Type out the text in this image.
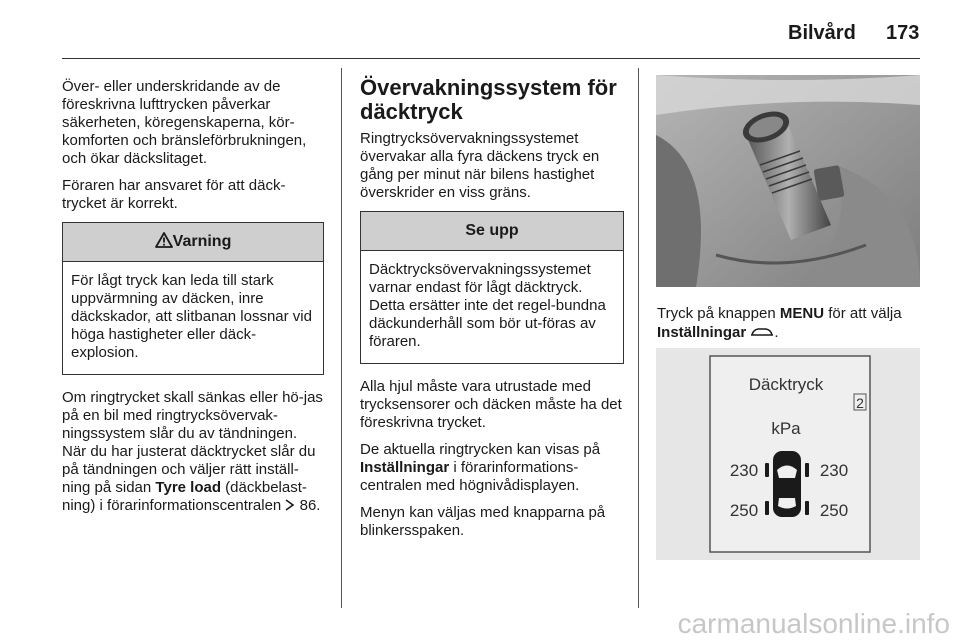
Bilvård 173

Över- eller underskridande av de föreskrivna lufttrycken påverkar säkerheten, köregenskaperna, kör-komforten och bränsleförbrukningen, och ökar däckslitaget.

Föraren har ansvaret för att däck-trycket är korrekt.

Varning
För lågt tryck kan leda till stark uppvärmning av däcken, inre däckskador, att slitbanan lossnar vid höga hastigheter eller däck-explosion.

Om ringtrycket skall sänkas eller hö-jas på en bil med ringtrycksövervak-ningssystem slår du av tändningen. När du har justerat däcktrycket slår du på tändningen och väljer rätt inställ-ning på sidan Tyre load (däckbelast-ning) i förarinformationscentralen 86.

Övervakningssystem för däcktryck

Ringtrycksövervakningssystemet övervakar alla fyra däckens tryck en gång per minut när bilens hastighet överskrider en viss gräns.

Se upp
Däcktrycksövervakningssystemet varnar endast för lågt däcktryck. Detta ersätter inte det regel-bundna däckunderhåll som bör ut-föras av föraren.

Alla hjul måste vara utrustade med trycksensorer och däcken måste ha det föreskrivna trycket.

De aktuella ringtrycken kan visas på Inställningar i förarinformations-centralen med högnivådisplayen.

Menyn kan väljas med knapparna på blinkersspaken.

Tryck på knappen MENU för att välja
Inställningar .
Däcktryck
2
kPa
230	230
250	250
carmanualsonline.info
